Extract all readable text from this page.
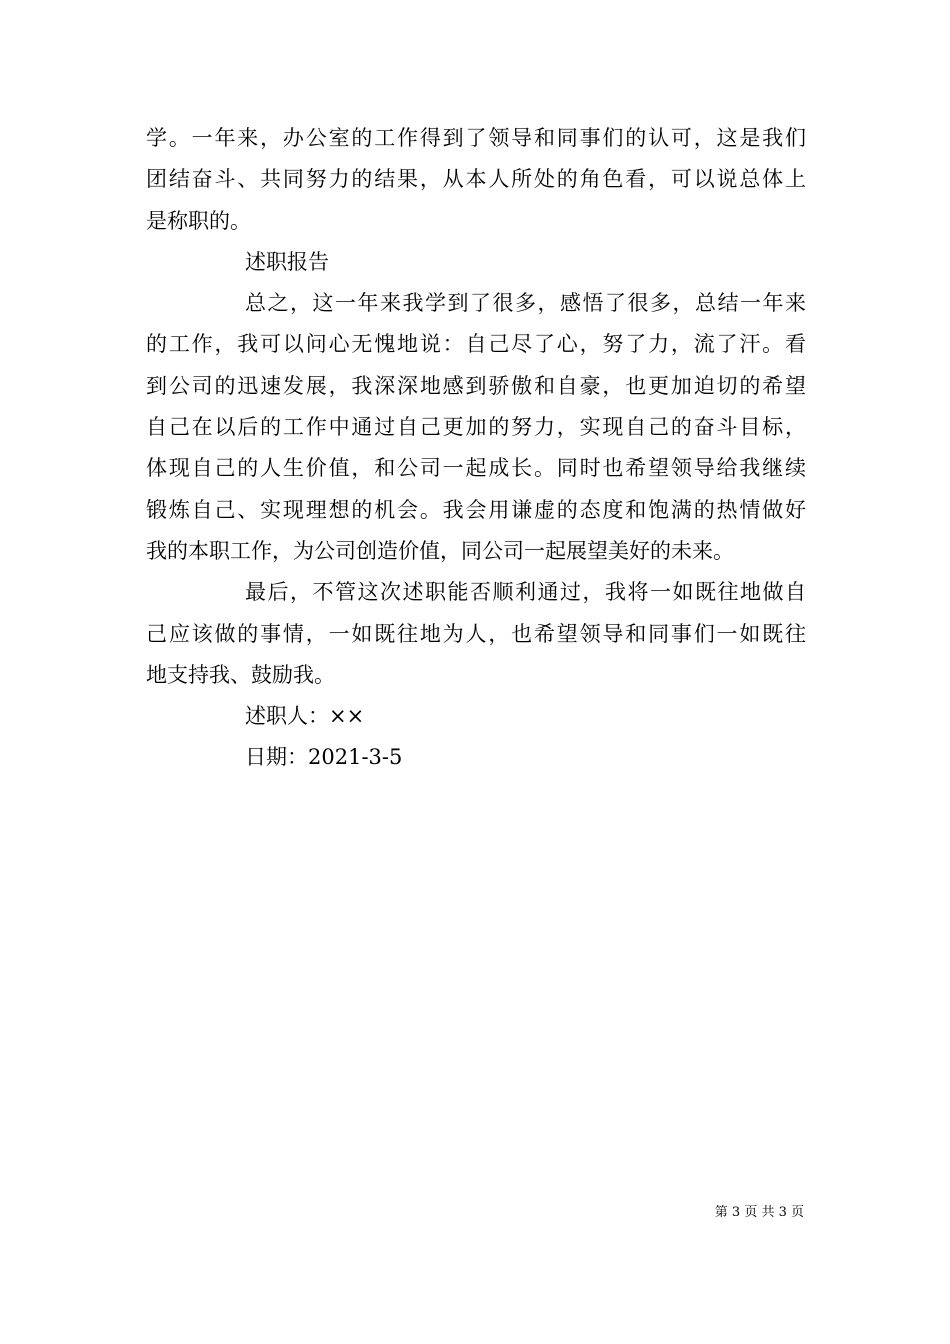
学。一年来，办公室的工作得到了领导和同事们的认可，这是我们
团结奋斗、共同努力的结果，从本人所处的角色看，可以说总体上
是称职的。
述职报告
总之，这一年来我学到了很多，感悟了很多，总结一年来
的工作，我可以问心无愧地说：自己尽了心，努了力，流了汗。看
到公司的迅速发展，我深深地感到骄傲和自豪，也更加迫切的希望
自己在以后的工作中通过自己更加的努力，实现自己的奋斗目标，
体现自己的人生价值，和公司一起成长。同时也希望领导给我继续
锻炼自己、实现理想的机会。我会用谦虚的态度和饱满的热情做好
我的本职工作，为公司创造价值，同公司一起展望美好的未来。
最后，不管这次述职能否顺利通过，我将一如既往地做自
己应该做的事情，一如既往地为人，也希望领导和同事们一如既往
地支持我、鼓励我。
述职人：××
日期：2021-3-5
第 3 页 共 3 页
